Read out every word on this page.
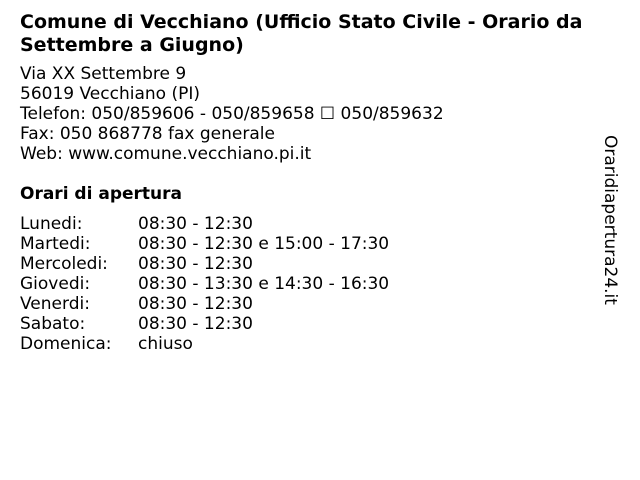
Comune di Vecchiano (Ufficio Stato Civile - Orario da Settembre a Giugno)
Via XX Settembre 9
56019 Vecchiano (PI)
Telefon: 050/859606 - 050/859658 ☐ 050/859632
Fax: 050 868778 fax generale
Web: www.comune.vecchiano.pi.it
Orari di apertura
Lunedi:	08:30 - 12:30
Martedi:	08:30 - 12:30 e 15:00 - 17:30
Mercoledi: 08:30 - 12:30
Giovedi:	08:30 - 13:30 e 14:30 - 16:30
Venerdi:	08:30 - 12:30
Sabato:	08:30 - 12:30
Domenica: chiuso
Oraridiapertura24.it
